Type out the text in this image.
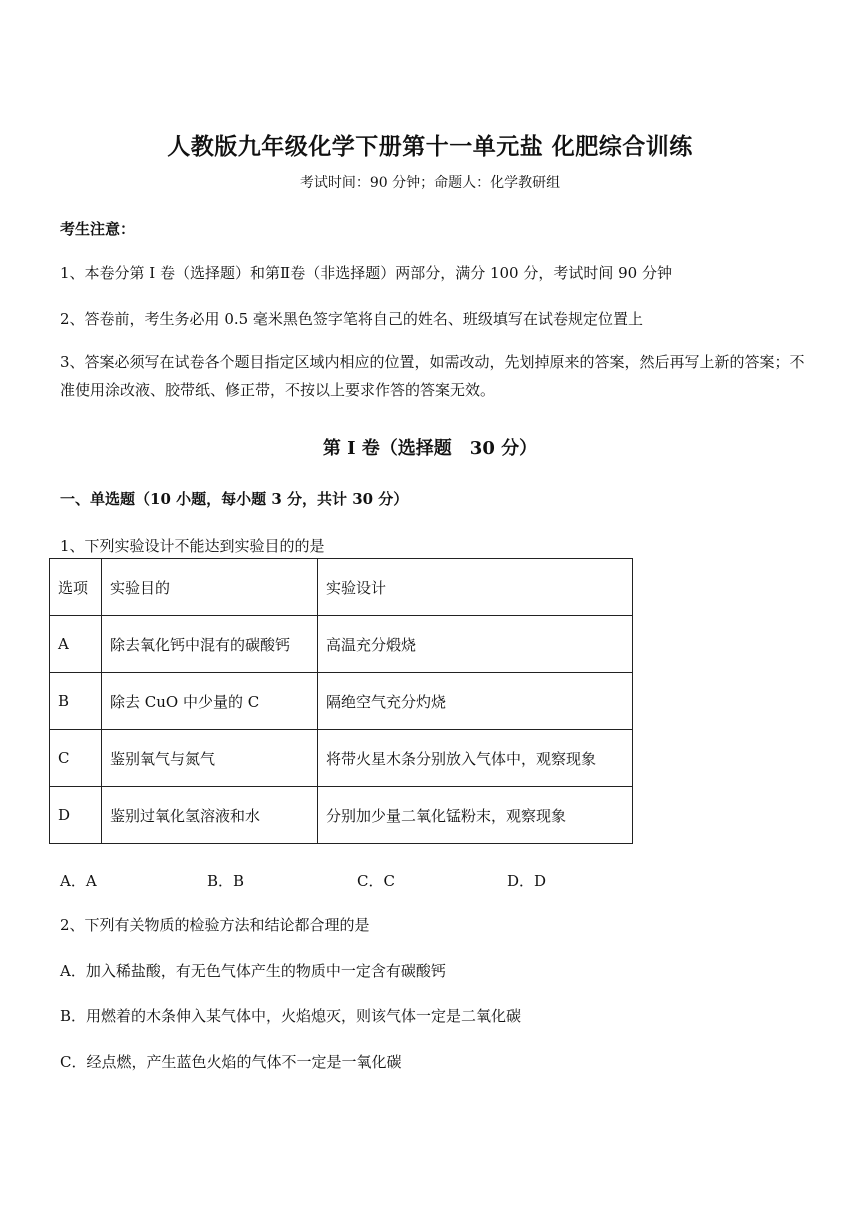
人教版九年级化学下册第十一单元盐 化肥综合训练
考试时间：90 分钟；命题人：化学教研组
考生注意：
1、本卷分第 I 卷（选择题）和第Ⅱ卷（非选择题）两部分，满分 100 分，考试时间 90 分钟
2、答卷前，考生务必用 0.5 毫米黑色签字笔将自己的姓名、班级填写在试卷规定位置上
3、答案必须写在试卷各个题目指定区域内相应的位置，如需改动，先划掉原来的答案，然后再写上新的答案；不准使用涂改液、胶带纸、修正带，不按以上要求作答的答案无效。
第 I 卷（选择题　30 分）
一、单选题（10 小题，每小题 3 分，共计 30 分）
1、下列实验设计不能达到实验目的的是
选项	实验目的	实验设计
A	除去氧化钙中混有的碳酸钙	高温充分煅烧
B	除去 CuO 中少量的 C	隔绝空气充分灼烧
C	鉴别氧气与氮气	将带火星木条分别放入气体中，观察现象
D	鉴别过氧化氢溶液和水	分别加少量二氧化锰粉末，观察现象
A．A	B．B	C．C	D．D
2、下列有关物质的检验方法和结论都合理的是
A．加入稀盐酸，有无色气体产生的物质中一定含有碳酸钙
B．用燃着的木条伸入某气体中，火焰熄灭，则该气体一定是二氧化碳
C．经点燃，产生蓝色火焰的气体不一定是一氧化碳
